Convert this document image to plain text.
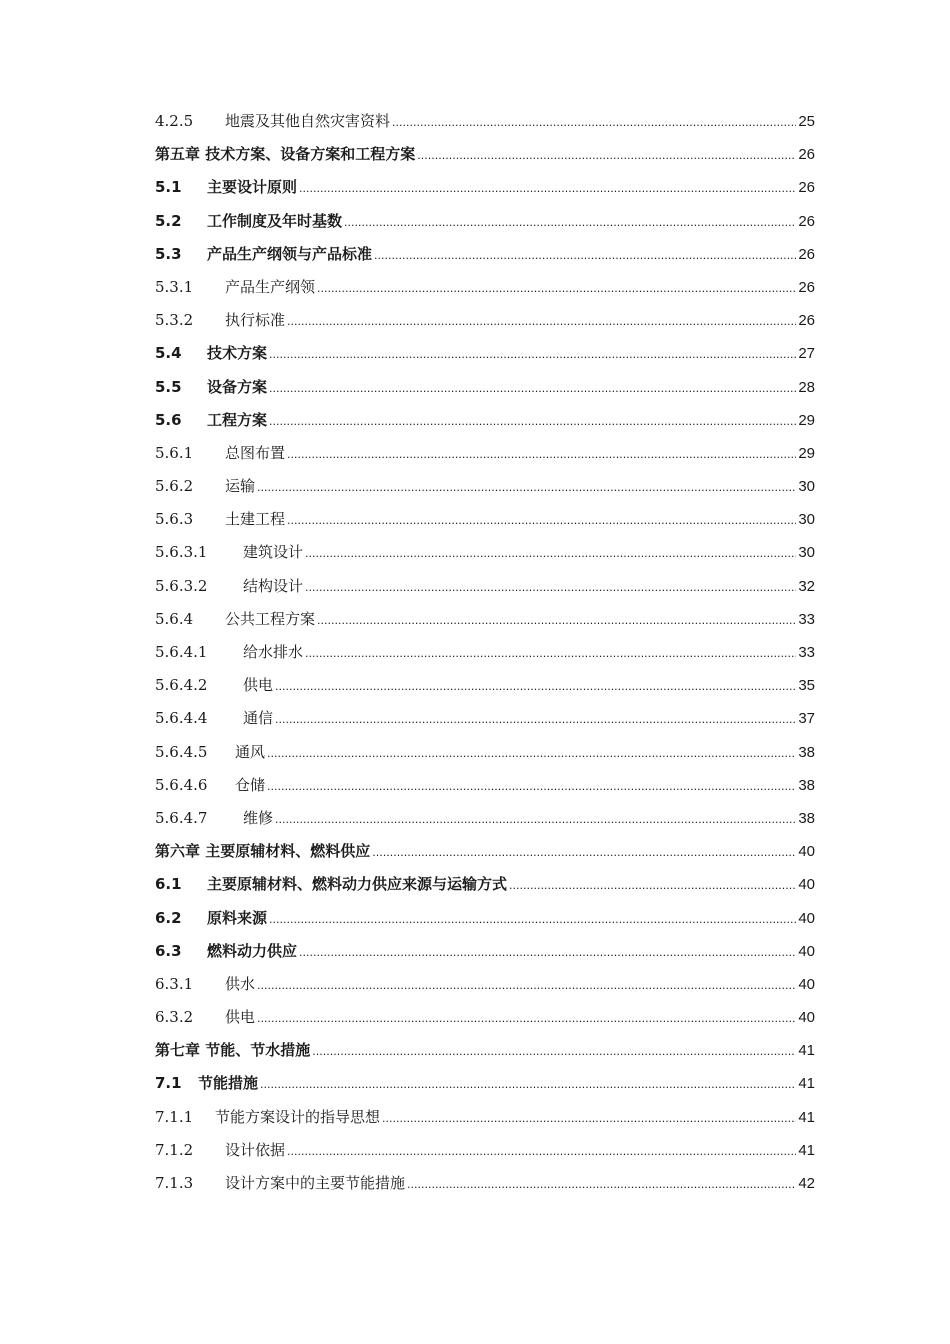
4.2.5	地震及其他自然灾害资料 .....	25
第五章 技术方案、设备方案和工程方案 .....	26
5.1	主要设计原则 .....	26
5.2	工作制度及年时基数 .....	26
5.3	产品生产纲领与产品标准 .....	26
5.3.1	产品生产纲领 .....	26
5.3.2	执行标准 .....	26
5.4	技术方案 .....	27
5.5	设备方案 .....	28
5.6	工程方案 .....	29
5.6.1	总图布置 .....	29
5.6.2	运输 .....	30
5.6.3	土建工程 .....	30
5.6.3.1	建筑设计 .....	30
5.6.3.2	结构设计 .....	32
5.6.4	公共工程方案 .....	33
5.6.4.1	给水排水 .....	33
5.6.4.2	供电 .....	35
5.6.4.4	通信 .....	37
5.6.4.5	通风 .....	38
5.6.4.6	仓储 .....	38
5.6.4.7	维修 .....	38
第六章 主要原辅材料、燃料供应 .....	40
6.1	主要原辅材料、燃料动力供应来源与运输方式 .....	40
6.2	原料来源 .....	40
6.3	燃料动力供应 .....	40
6.3.1	供水 .....	40
6.3.2	供电 .....	40
第七章 节能、节水措施 .....	41
7.1	节能措施 .....	41
7.1.1	节能方案设计的指导思想 .....	41
7.1.2	设计依据 .....	41
7.1.3	设计方案中的主要节能措施 .....	42
